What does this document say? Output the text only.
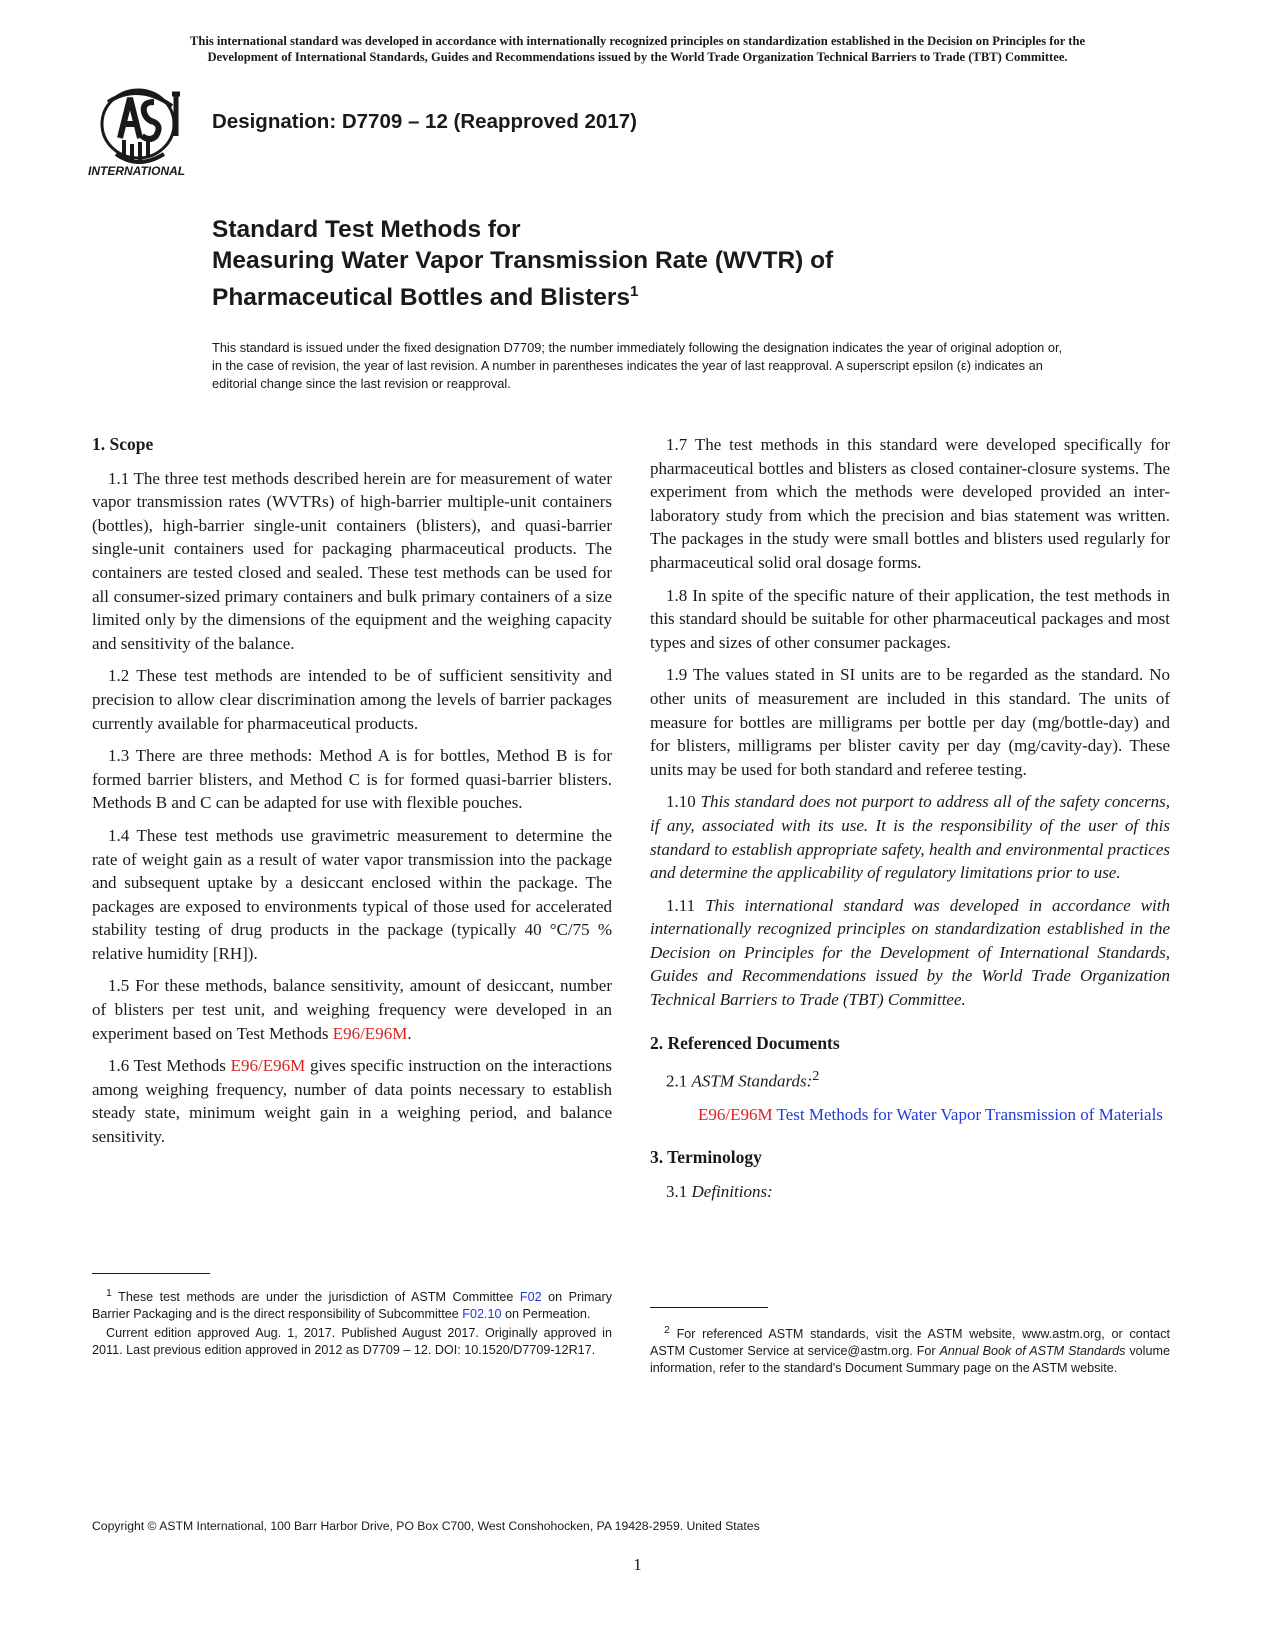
This international standard was developed in accordance with internationally recognized principles on standardization established in the Decision on Principles for the
Development of International Standards, Guides and Recommendations issued by the World Trade Organization Technical Barriers to Trade (TBT) Committee.
INTERNATIONAL
Designation: D7709 – 12 (Reapproved 2017)
Standard Test Methods for
Measuring Water Vapor Transmission Rate (WVTR) of
Pharmaceutical Bottles and Blisters$^1$
This standard is issued under the fixed designation D7709; the number immediately following the designation indicates the year of original adoption or, in the case of revision, the year of last revision. A number in parentheses indicates the year of last reapproval. A superscript epsilon (ε) indicates an editorial change since the last revision or reapproval.
1. Scope

1.1 The three test methods described herein are for measurement of water vapor transmission rates (WVTRs) of high-barrier multiple-unit containers (bottles), high-barrier single-unit containers (blisters), and quasi-barrier single-unit containers used for packaging pharmaceutical products. The containers are tested closed and sealed. These test methods can be used for all consumer-sized primary containers and bulk primary containers of a size limited only by the dimensions of the equipment and the weighing capacity and sensitivity of the balance.

1.2 These test methods are intended to be of sufficient sensitivity and precision to allow clear discrimination among the levels of barrier packages currently available for pharmaceutical products.

1.3 There are three methods: Method A is for bottles, Method B is for formed barrier blisters, and Method C is for formed quasi-barrier blisters. Methods B and C can be adapted for use with flexible pouches.

1.4 These test methods use gravimetric measurement to determine the rate of weight gain as a result of water vapor transmission into the package and subsequent uptake by a desiccant enclosed within the package. The packages are exposed to environments typical of those used for accelerated stability testing of drug products in the package (typically 40 °C/75 % relative humidity [RH]).

1.5 For these methods, balance sensitivity, amount of desiccant, number of blisters per test unit, and weighing frequency were developed in an experiment based on Test Methods E96/E96M.

1.6 Test Methods E96/E96M gives specific instruction on the interactions among weighing frequency, number of data points necessary to establish steady state, minimum weight gain in a weighing period, and balance sensitivity.

1.7 The test methods in this standard were developed specifically for pharmaceutical bottles and blisters as closed container-closure systems. The experiment from which the methods were developed provided an inter-laboratory study from which the precision and bias statement was written. The packages in the study were small bottles and blisters used regularly for pharmaceutical solid oral dosage forms.

1.8 In spite of the specific nature of their application, the test methods in this standard should be suitable for other pharmaceutical packages and most types and sizes of other consumer packages.

1.9 The values stated in SI units are to be regarded as the standard. No other units of measurement are included in this standard. The units of measure for bottles are milligrams per bottle per day (mg/bottle-day) and for blisters, milligrams per blister cavity per day (mg/cavity-day). These units may be used for both standard and referee testing.

1.10 This standard does not purport to address all of the safety concerns, if any, associated with its use. It is the responsibility of the user of this standard to establish appropriate safety, health and environmental practices and determine the applicability of regulatory limitations prior to use.

1.11 This international standard was developed in accordance with internationally recognized principles on standardization established in the Decision on Principles for the Development of International Standards, Guides and Recommendations issued by the World Trade Organization Technical Barriers to Trade (TBT) Committee.

2. Referenced Documents

2.1 ASTM Standards:$^2$

E96/E96M Test Methods for Water Vapor Transmission of Materials

3. Terminology

3.1 Definitions:

$^1$ These test methods are under the jurisdiction of ASTM Committee F02 on Primary Barrier Packaging and is the direct responsibility of Subcommittee F02.10 on Permeation.

Current edition approved Aug. 1, 2017. Published August 2017. Originally approved in 2011. Last previous edition approved in 2012 as D7709 – 12. DOI: 10.1520/D7709-12R17.

$^2$ For referenced ASTM standards, visit the ASTM website, www.astm.org, or contact ASTM Customer Service at service@astm.org. For Annual Book of ASTM Standards volume information, refer to the standard's Document Summary page on the ASTM website.

Copyright © ASTM International, 100 Barr Harbor Drive, PO Box C700, West Conshohocken, PA 19428-2959. United States
1
